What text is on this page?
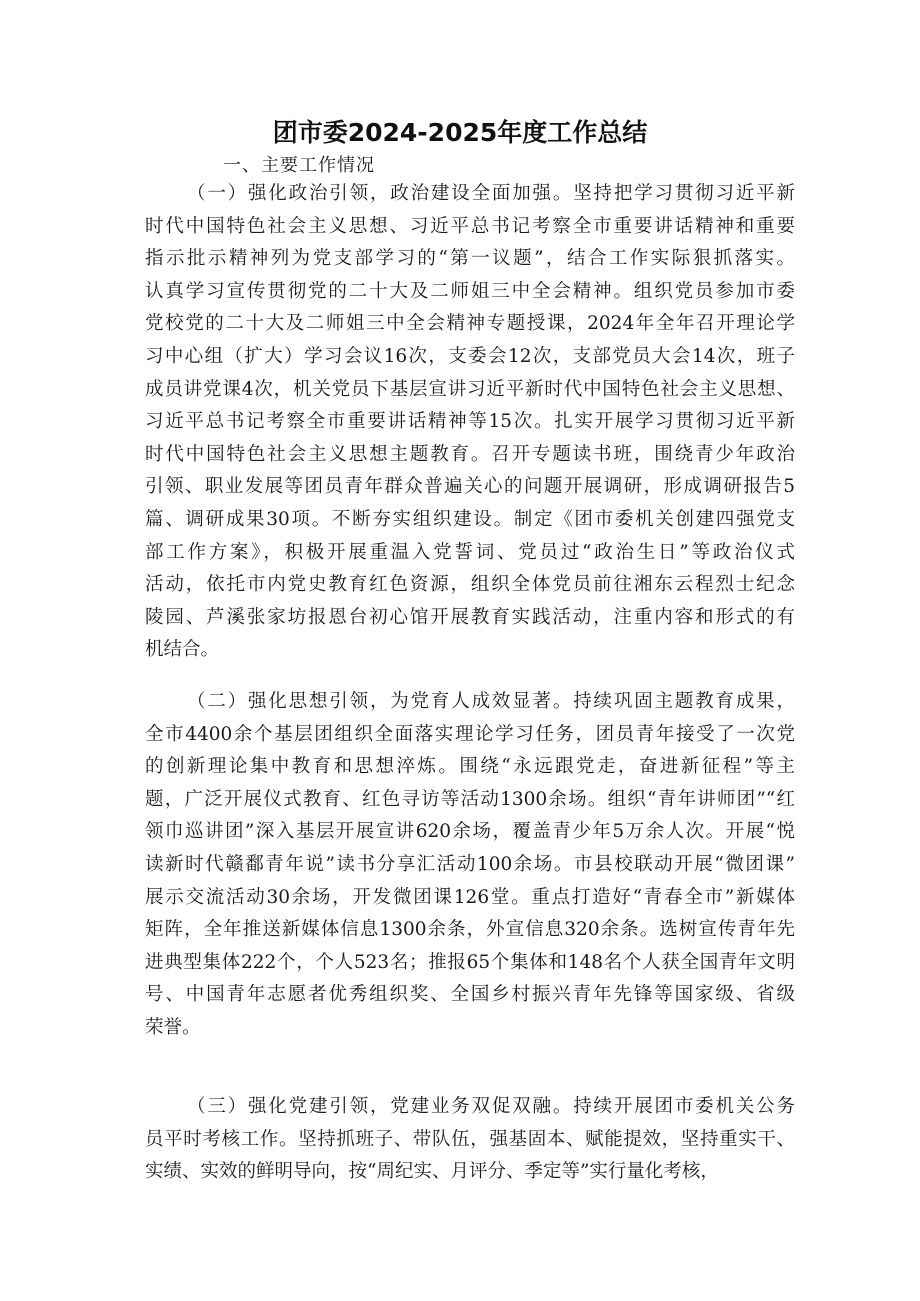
团市委2024-2025年度工作总结
一、主要工作情况
（一）强化政治引领，政治建设全面加强。坚持把学习贯彻习近平新
时代中国特色社会主义思想、习近平总书记考察全市重要讲话精神和重要
指示批示精神列为党支部学习的“第一议题”，结合工作实际狠抓落实。
认真学习宣传贯彻党的二十大及二师姐三中全会精神。组织党员参加市委
党校党的二十大及二师姐三中全会精神专题授课，2024年全年召开理论学
习中心组（扩大）学习会议16次，支委会12次，支部党员大会14次，班子
成员讲党课4次，机关党员下基层宣讲习近平新时代中国特色社会主义思想、
习近平总书记考察全市重要讲话精神等15次。扎实开展学习贯彻习近平新
时代中国特色社会主义思想主题教育。召开专题读书班，围绕青少年政治
引领、职业发展等团员青年群众普遍关心的问题开展调研，形成调研报告5
篇、调研成果30项。不断夯实组织建设。制定《团市委机关创建四强党支
部工作方案》，积极开展重温入党誓词、党员过“政治生日”等政治仪式
活动，依托市内党史教育红色资源，组织全体党员前往湘东云程烈士纪念
陵园、芦溪张家坊报恩台初心馆开展教育实践活动，注重内容和形式的有
机结合。
（二）强化思想引领，为党育人成效显著。持续巩固主题教育成果，
全市4400余个基层团组织全面落实理论学习任务，团员青年接受了一次党
的创新理论集中教育和思想淬炼。围绕“永远跟党走，奋进新征程”等主
题，广泛开展仪式教育、红色寻访等活动1300余场。组织“青年讲师团”“红
领巾巡讲团”深入基层开展宣讲620余场，覆盖青少年5万余人次。开展“悦
读新时代赣鄱青年说”读书分享汇活动100余场。市县校联动开展“微团课”
展示交流活动30余场，开发微团课126堂。重点打造好“青春全市”新媒体
矩阵，全年推送新媒体信息1300余条，外宣信息320余条。选树宣传青年先
进典型集体222个，个人523名；推报65个集体和148名个人获全国青年文明
号、中国青年志愿者优秀组织奖、全国乡村振兴青年先锋等国家级、省级
荣誉。
（三）强化党建引领，党建业务双促双融。持续开展团市委机关公务
员平时考核工作。坚持抓班子、带队伍，强基固本、赋能提效，坚持重实干、
实绩、实效的鲜明导向，按“周纪实、月评分、季定等”实行量化考核，
